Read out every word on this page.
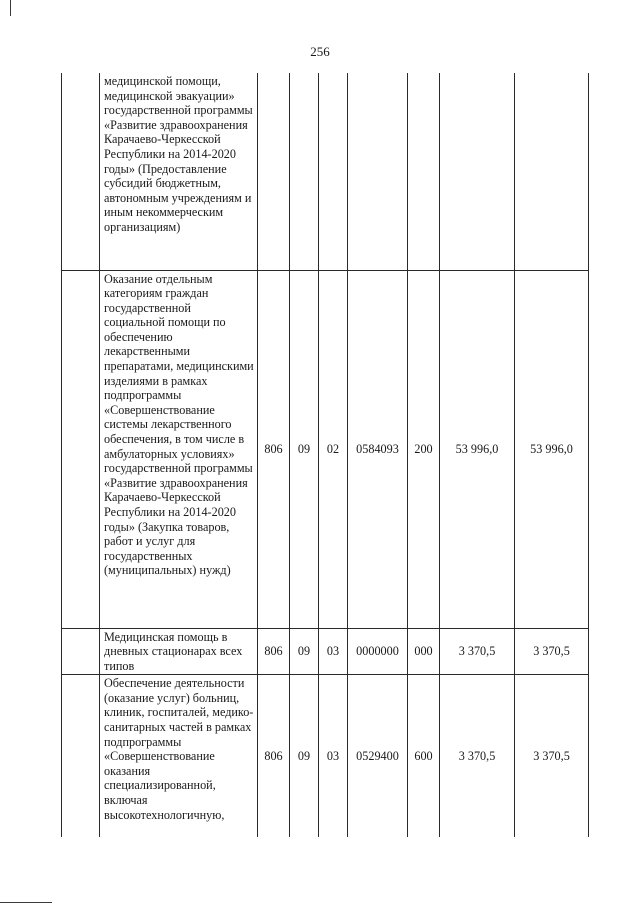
256
	медицинской помощи, медицинской эвакуации» государственной программы «Развитие здравоохранения Карачаево-Черкесской Республики на 2014-2020 годы» (Предоставление субсидий бюджетным, автономным учреждениям и иным некоммерческим организациям)							
	Оказание отдельным категориям граждан государственной социальной помощи по обеспечению лекарственными препаратами, медицинскими изделиями в рамках подпрограммы «Совершенствование системы лекарственного обеспечения, в том числе в амбулаторных условиях» государственной программы «Развитие здравоохранения Карачаево-Черкесской Республики на 2014-2020 годы» (Закупка товаров, работ и услуг для государственных (муниципальных) нужд)	806	09	02	0584093	200	53 996,0	53 996,0
	Медицинская помощь в дневных стационарах всех типов	806	09	03	0000000	000	3 370,5	3 370,5
	Обеспечение деятельности (оказание услуг) больниц, клиник, госпиталей, медико-санитарных частей в рамках подпрограммы «Совершенствование оказания специализированной, включая высокотехнологичную,	806	09	03	0529400	600	3 370,5	3 370,5
